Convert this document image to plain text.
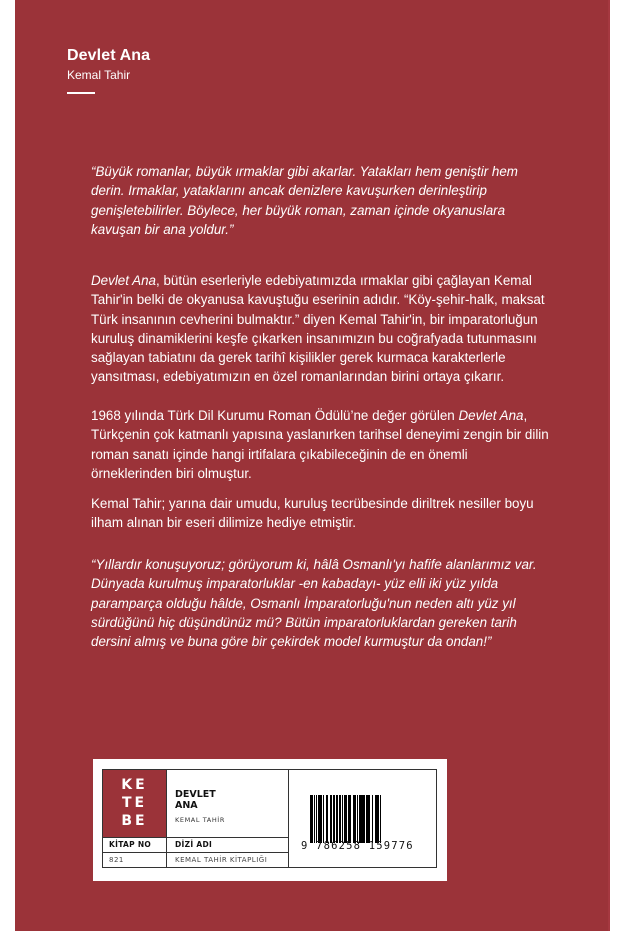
Devlet Ana
Kemal Tahir

“Büyük romanlar, büyük ırmaklar gibi akarlar. Yatakları hem geniştir hem derin. Irmaklar, yataklarını ancak denizlere kavuşurken derinleştirip genişletebilirler. Böylece, her büyük roman, zaman içinde okyanuslara kavuşan bir ana yoldur.”

Devlet Ana, bütün eserleriyle edebiyatımızda ırmaklar gibi çağlayan Kemal Tahir'in belki de okyanusa kavuştuğu eserinin adıdır. “Köy-şehir-halk, maksat Türk insanının cevherini bulmaktır.” diyen Kemal Tahir'in, bir imparatorluğun kuruluş dinamiklerini keşfe çıkarken insanımızın bu coğrafyada tutunmasını sağlayan tabiatını da gerek tarihî kişilikler gerek kurmaca karakterlerle yansıtması, edebiyatımızın en özel romanlarından birini ortaya çıkarır.

1968 yılında Türk Dil Kurumu Roman Ödülü’ne değer görülen Devlet Ana, Türkçenin çok katmanlı yapısına yaslanırken tarihsel deneyimi zengin bir dilin roman sanatı içinde hangi irtifalara çıkabileceğinin de en önemli örneklerinden biri olmuştur.

Kemal Tahir; yarına dair umudu, kuruluş tecrübesinde diriltrek nesiller boyu ilham alınan bir eseri dilimize hediye etmiştir.

“Yıllardır konuşuyoruz; görüyorum ki, hâlâ Osmanlı'yı hafife alanlarımız var. Dünyada kurulmuş imparatorluklar -en kabadayı- yüz elli iki yüz yılda paramparça olduğu hâlde, Osmanlı İmparatorluğu'nun neden altı yüz yıl sürdüğünü hiç düşündünüz mü? Bütün imparatorluklardan gereken tarih dersini almış ve buna göre bir çekirdek model kurmuştur da ondan!”

KE
TE
BE
DEVLET
ANA
KEMAL TAHİR
KİTAP NO	DİZİ ADI
821	KEMAL TAHİR KİTAPLIĞI
9 786258 159776
